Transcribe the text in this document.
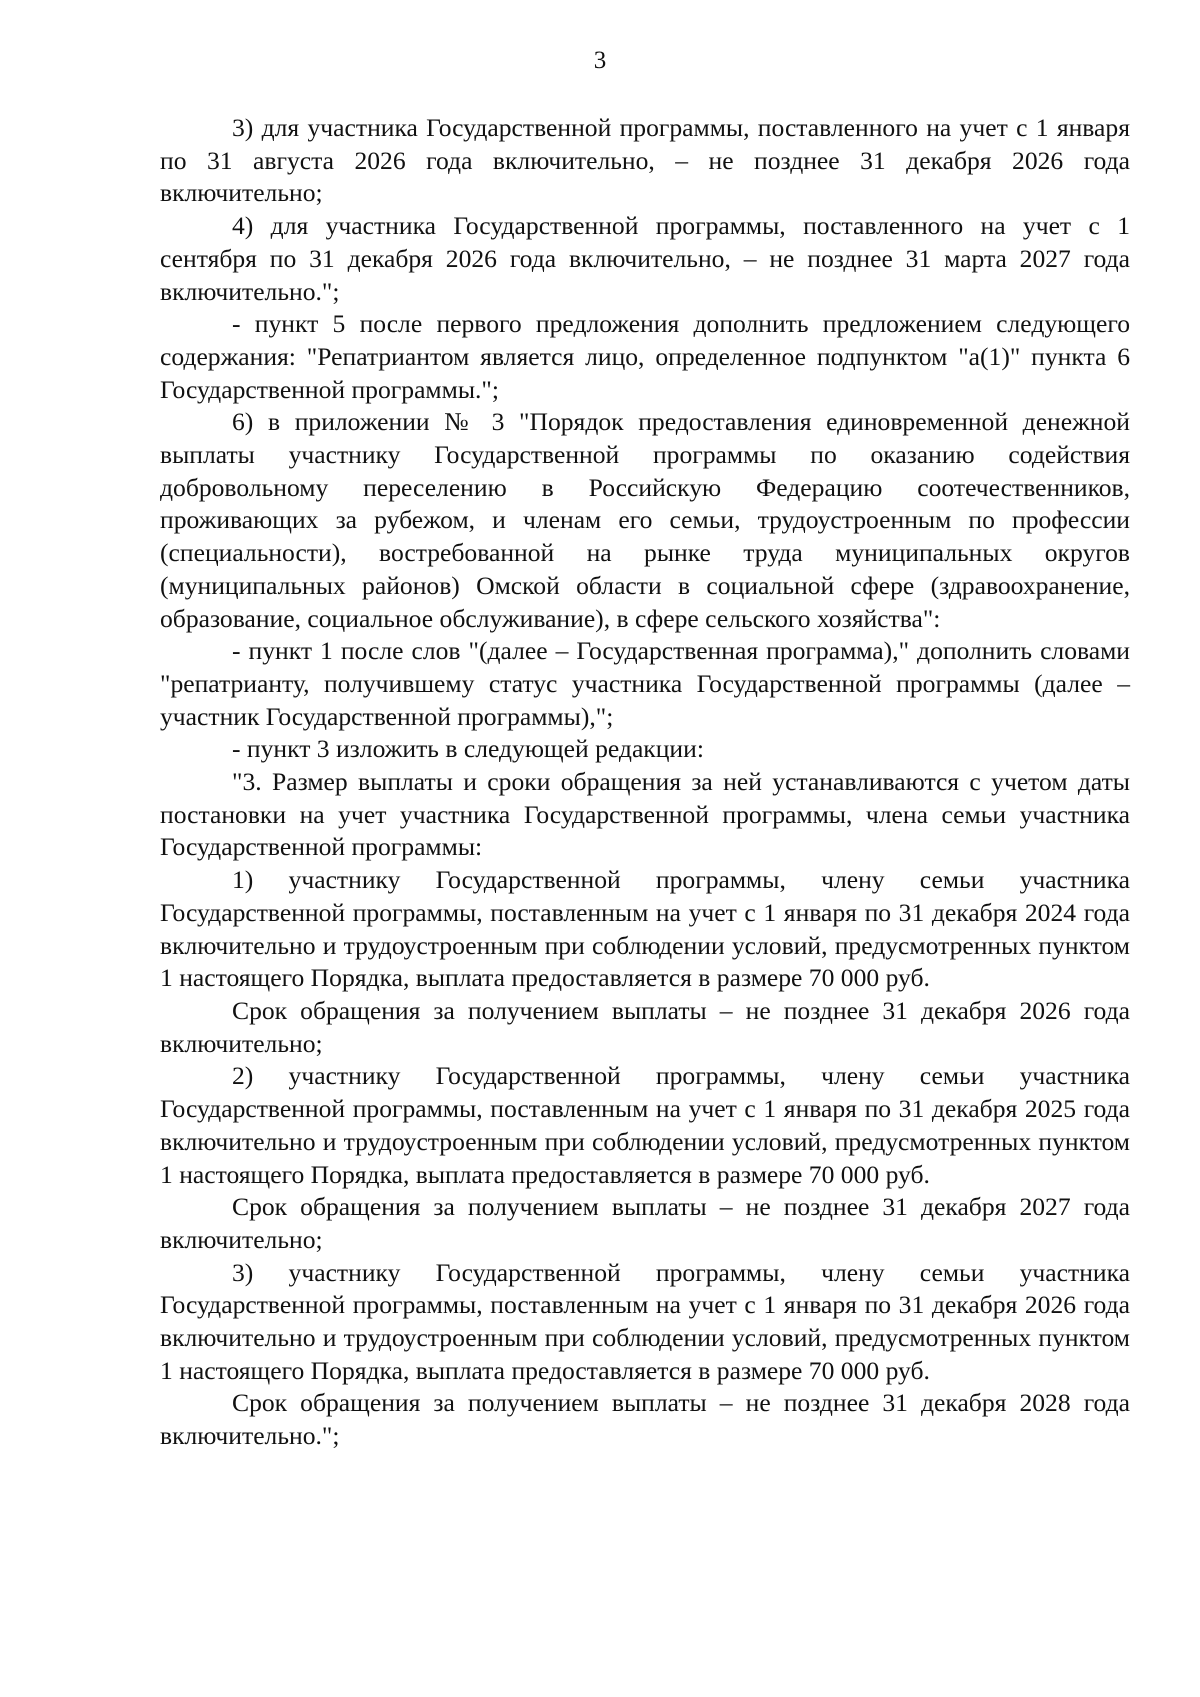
3

3) для участника Государственной программы, поставленного на учет с 1 января по 31 августа 2026 года включительно, – не позднее 31 декабря 2026 года включительно;

4) для участника Государственной программы, поставленного на учет с 1 сентября по 31 декабря 2026 года включительно, – не позднее 31 марта 2027 года включительно.";

- пункт 5 после первого предложения дополнить предложением следующего содержания: "Репатриантом является лицо, определенное подпунктом "а(1)" пункта 6 Государственной программы.";

6) в приложении № 3 "Порядок предоставления единовременной денежной выплаты участнику Государственной программы по оказанию содействия добровольному переселению в Российскую Федерацию соотечественников, проживающих за рубежом, и членам его семьи, трудоустроенным по профессии (специальности), востребованной на рынке труда муниципальных округов (муниципальных районов) Омской области в социальной сфере (здравоохранение, образование, социальное обслуживание), в сфере сельского хозяйства":

- пункт 1 после слов "(далее – Государственная программа)," дополнить словами "репатрианту, получившему статус участника Государственной программы (далее – участник Государственной программы),";

- пункт 3 изложить в следующей редакции:

"3. Размер выплаты и сроки обращения за ней устанавливаются с учетом даты постановки на учет участника Государственной программы, члена семьи участника Государственной программы:

1) участнику Государственной программы, члену семьи участника Государственной программы, поставленным на учет с 1 января по 31 декабря 2024 года включительно и трудоустроенным при соблюдении условий, предусмотренных пунктом 1 настоящего Порядка, выплата предоставляется в размере 70 000 руб.

Срок обращения за получением выплаты – не позднее 31 декабря 2026 года включительно;

2) участнику Государственной программы, члену семьи участника Государственной программы, поставленным на учет с 1 января по 31 декабря 2025 года включительно и трудоустроенным при соблюдении условий, предусмотренных пунктом 1 настоящего Порядка, выплата предоставляется в размере 70 000 руб.

Срок обращения за получением выплаты – не позднее 31 декабря 2027 года включительно;

3) участнику Государственной программы, члену семьи участника Государственной программы, поставленным на учет с 1 января по 31 декабря 2026 года включительно и трудоустроенным при соблюдении условий, предусмотренных пунктом 1 настоящего Порядка, выплата предоставляется в размере 70 000 руб.

Срок обращения за получением выплаты – не позднее 31 декабря 2028 года включительно.";
